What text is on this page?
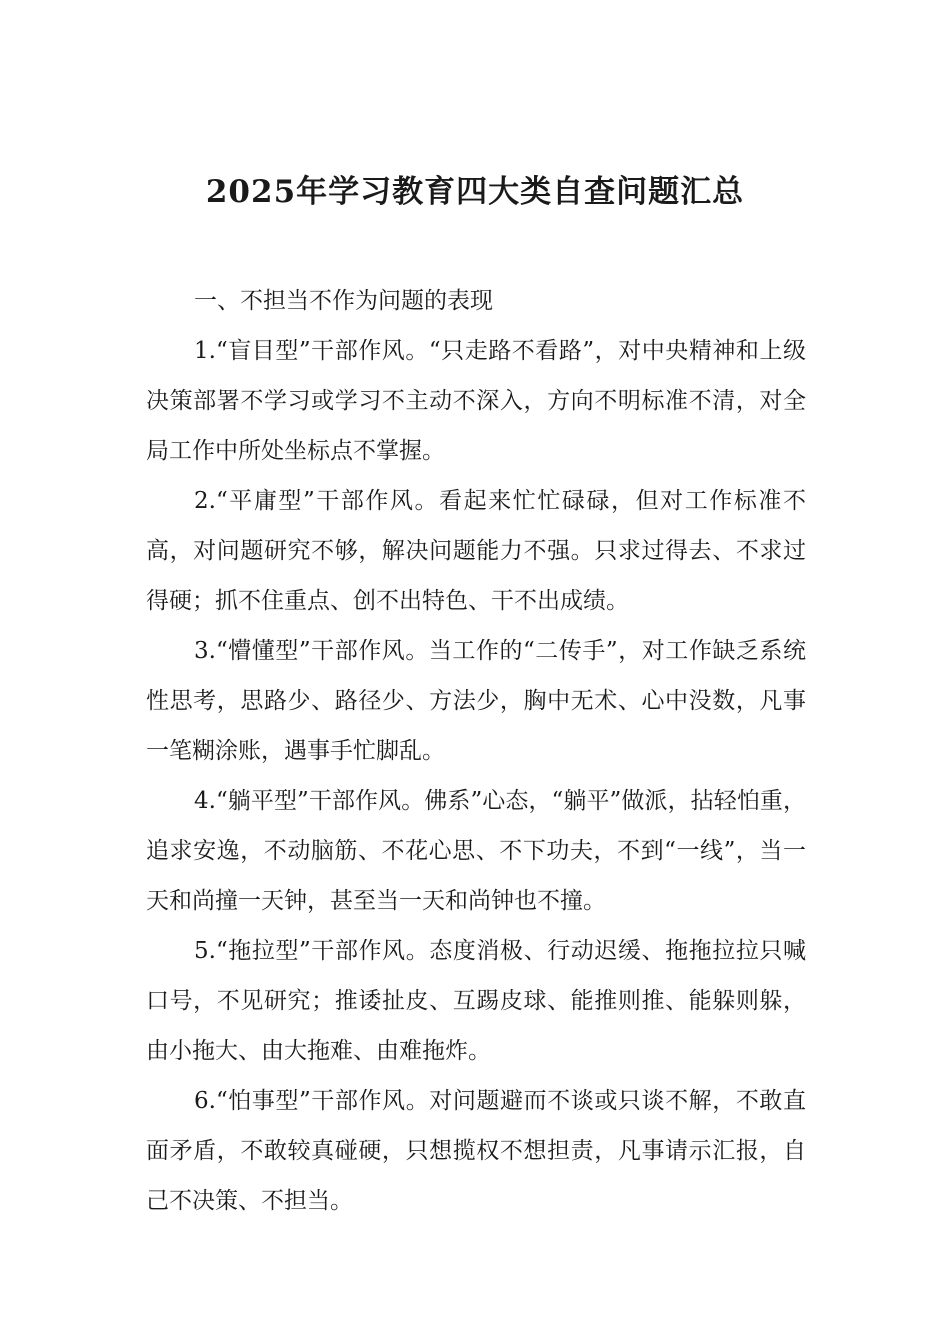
2025年学习教育四大类自查问题汇总

一、不担当不作为问题的表现

1.“盲目型”干部作风。“只走路不看路”，对中央精神和上级决策部署不学习或学习不主动不深入，方向不明标准不清，对全局工作中所处坐标点不掌握。

2.“平庸型”干部作风。看起来忙忙碌碌，但对工作标准不高，对问题研究不够，解决问题能力不强。只求过得去、不求过得硬；抓不住重点、创不出特色、干不出成绩。

3.“懵懂型”干部作风。当工作的“二传手”，对工作缺乏系统性思考，思路少、路径少、方法少，胸中无术、心中没数，凡事一笔糊涂账，遇事手忙脚乱。

4.“躺平型”干部作风。佛系”心态，“躺平”做派，拈轻怕重，追求安逸，不动脑筋、不花心思、不下功夫，不到“一线”，当一天和尚撞一天钟，甚至当一天和尚钟也不撞。

5.“拖拉型”干部作风。态度消极、行动迟缓、拖拖拉拉只喊口号，不见研究；推诿扯皮、互踢皮球、能推则推、能躲则躲，由小拖大、由大拖难、由难拖炸。

6.“怕事型”干部作风。对问题避而不谈或只谈不解，不敢直面矛盾，不敢较真碰硬，只想揽权不想担责，凡事请示汇报，自己不决策、不担当。
